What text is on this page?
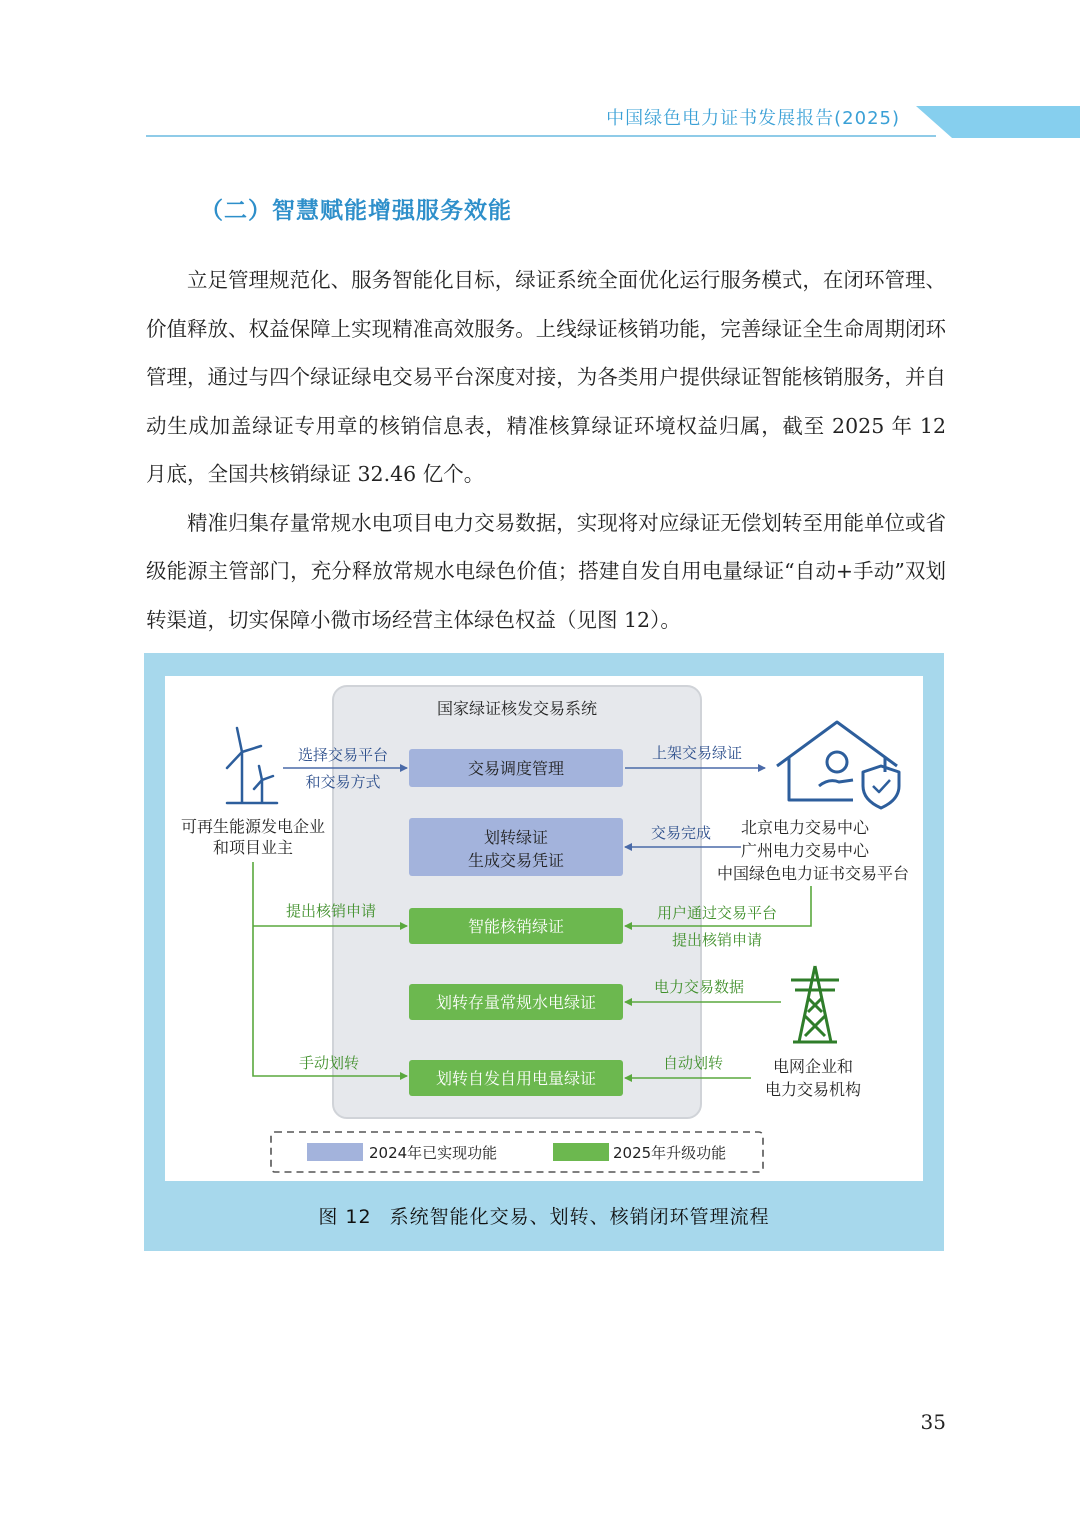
中国绿色电力证书发展报告(2025)
（二）智慧赋能增强服务效能

立足管理规范化、服务智能化目标，绿证系统全面优化运行服务模式，在闭环管理、价值释放、权益保障上实现精准高效服务。上线绿证核销功能，完善绿证全生命周期闭环管理，通过与四个绿证绿电交易平台深度对接，为各类用户提供绿证智能核销服务，并自动生成加盖绿证专用章的核销信息表，精准核算绿证环境权益归属，截至 2025 年 12 月底，全国共核销绿证 32.46 亿个。

精准归集存量常规水电项目电力交易数据，实现将对应绿证无偿划转至用能单位或省级能源主管部门，充分释放常规水电绿色价值；搭建自发自用电量绿证“自动+手动”双划转渠道，切实保障小微市场经营主体绿色权益（见图 12）。

国家绿证核发交易系统
交易调度管理
划转绿证
生成交易凭证
智能核销绿证
划转存量常规水电绿证
划转自发自用电量绿证
可再生能源发电企业
和项目业主
北京电力交易中心
广州电力交易中心
中国绿色电力证书交易平台
电网企业和
电力交易机构
选择交易平台
和交易方式
上架交易绿证
交易完成
提出核销申请	用户通过交易平台
提出核销申请
电力交易数据
手动划转	自动划转
2024年已实现功能	2025年升级功能
图 12 系统智能化交易、划转、核销闭环管理流程
35
